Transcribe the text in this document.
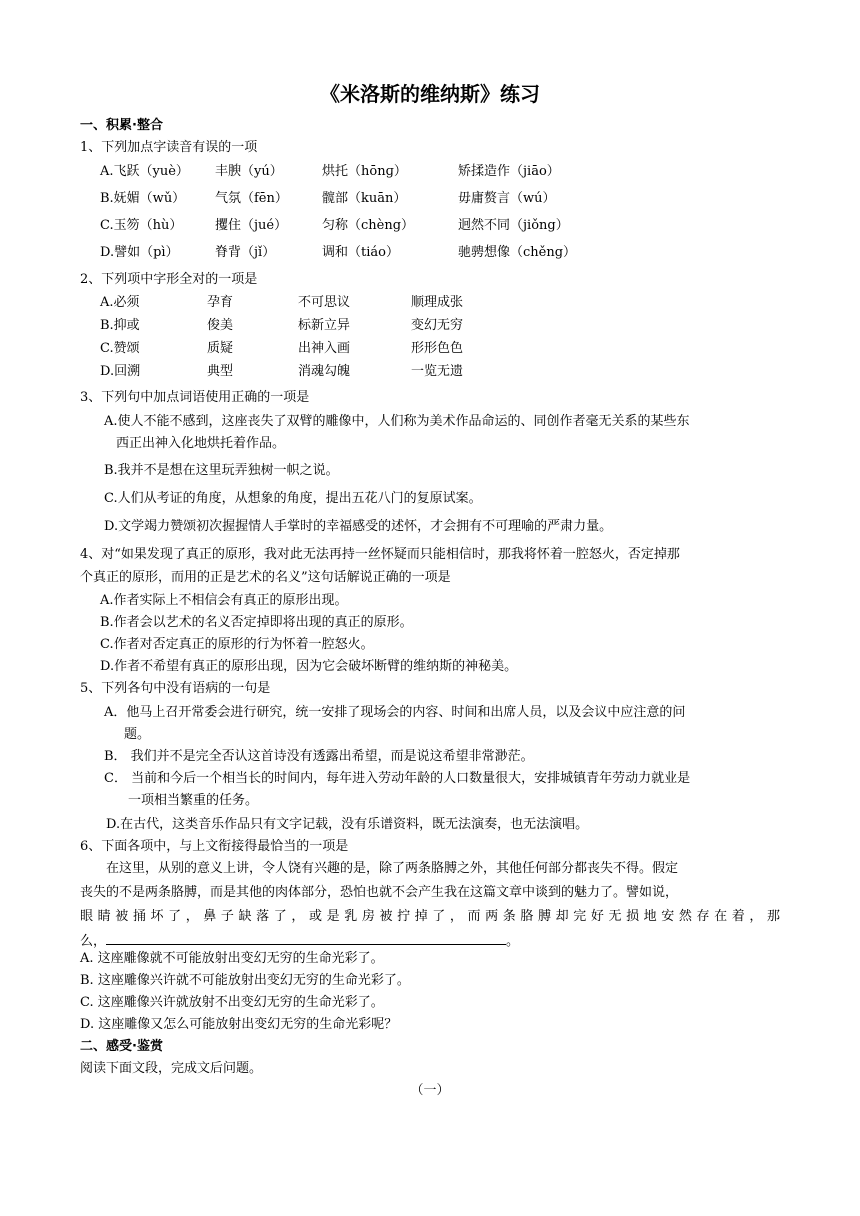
《米洛斯的维纳斯》练习
一、积累·整合
1、下列加点字读音有误的一项
A.飞跃（yuè） 丰腴（yú）	烘托（hōnɡ）	矫揉造作（jiāo）
B.妩媚（wǔ） 气氛（fēn）	髋部（kuān）	毋庸赘言（wú）
C.玉笏（hù）	攫住（jué）	匀称（chèng）	迥然不同（jiǒng）
D.譬如（pì）	脊背（jǐ）	调和（tiáo）	驰骋想像（chěng）
2、下列项中字形全对的一项是
A.必须	孕育	不可思议	顺理成张
B.抑或	俊美	标新立异	变幻无穷
C.赞颂	质疑	出神入画	形形色色
D.回溯	典型	消魂勾魄	一览无遗
3、下列句中加点词语使用正确的一项是
A.使人不能不感到，这座丧失了双臂的雕像中，人们称为美术作品命运的、同创作者毫无关系的某些东
西正出神入化地烘托着作品。
B.我并不是想在这里玩弄独树一帜之说。
C.人们从考证的角度，从想象的角度，提出五花八门的复原试案。
D.文学竭力赞颂初次握握情人手掌时的幸福感受的述怀，才会拥有不可理喻的严肃力量。
4、对“如果发现了真正的原形，我对此无法再持一丝怀疑而只能相信时，那我将怀着一腔怒火，否定掉那
个真正的原形，而用的正是艺术的名义”这句话解说正确的一项是
A.作者实际上不相信会有真正的原形出现。
B.作者会以艺术的名义否定掉即将出现的真正的原形。
C.作者对否定真正的原形的行为怀着一腔怒火。
D.作者不希望有真正的原形出现，因为它会破坏断臂的维纳斯的神秘美。
5、下列各句中没有语病的一句是
A．他马上召开常委会进行研究，统一安排了现场会的内容、时间和出席人员，以及会议中应注意的问
题。
B． 我们并不是完全否认这首诗没有透露出希望，而是说这希望非常渺茫。
C． 当前和今后一个相当长的时间内，每年进入劳动年龄的人口数量很大，安排城镇青年劳动力就业是
一项相当繁重的任务。
D.在古代，这类音乐作品只有文字记载，没有乐谱资料，既无法演奏，也无法演唱。
6、下面各项中，与上文衔接得最恰当的一项是
在这里，从别的意义上讲，令人饶有兴趣的是，除了两条胳膊之外，其他任何部分都丧失不得。假定
丧失的不是两条胳膊，而是其他的肉体部分，恐怕也就不会产生我在这篇文章中谈到的魅力了。譬如说，
眼睛被捅坏了，鼻子缺落了，或是乳房被拧掉了，而两条胳膊却完好无损地安然存在着，那
么，	。
A. 这座雕像就不可能放射出变幻无穷的生命光彩了。
B. 这座雕像兴许就不可能放射出变幻无穷的生命光彩了。
C. 这座雕像兴许就放射不出变幻无穷的生命光彩了。
D. 这座雕像又怎么可能放射出变幻无穷的生命光彩呢？
二、感受·鉴赏
阅读下面文段，完成文后问题。
（一）
